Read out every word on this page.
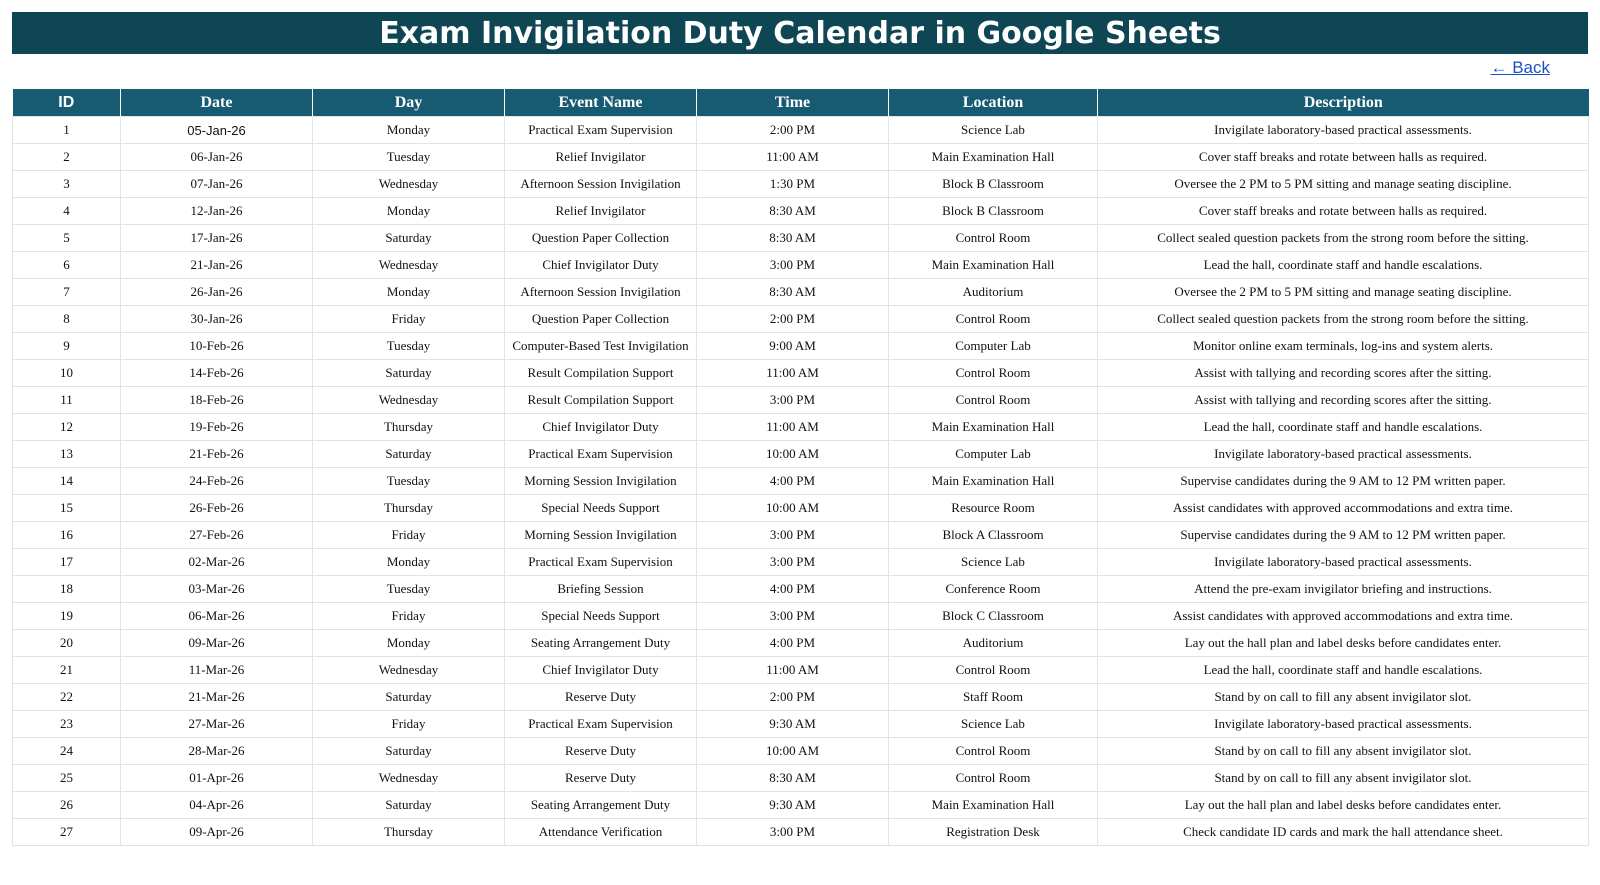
Exam Invigilation Duty Calendar in Google Sheets
← Back
ID	Date	Day	Event Name	Time	Location	Description
1	05-Jan-26	Monday	Practical Exam Supervision	2:00 PM	Science Lab	Invigilate laboratory-based practical assessments.
2	06-Jan-26	Tuesday	Relief Invigilator	11:00 AM	Main Examination Hall	Cover staff breaks and rotate between halls as required.
3	07-Jan-26	Wednesday	Afternoon Session Invigilation	1:30 PM	Block B Classroom	Oversee the 2 PM to 5 PM sitting and manage seating discipline.
4	12-Jan-26	Monday	Relief Invigilator	8:30 AM	Block B Classroom	Cover staff breaks and rotate between halls as required.
5	17-Jan-26	Saturday	Question Paper Collection	8:30 AM	Control Room	Collect sealed question packets from the strong room before the sitting.
6	21-Jan-26	Wednesday	Chief Invigilator Duty	3:00 PM	Main Examination Hall	Lead the hall, coordinate staff and handle escalations.
7	26-Jan-26	Monday	Afternoon Session Invigilation	8:30 AM	Auditorium	Oversee the 2 PM to 5 PM sitting and manage seating discipline.
8	30-Jan-26	Friday	Question Paper Collection	2:00 PM	Control Room	Collect sealed question packets from the strong room before the sitting.
9	10-Feb-26	Tuesday	Computer-Based Test Invigilation	9:00 AM	Computer Lab	Monitor online exam terminals, log-ins and system alerts.
10	14-Feb-26	Saturday	Result Compilation Support	11:00 AM	Control Room	Assist with tallying and recording scores after the sitting.
11	18-Feb-26	Wednesday	Result Compilation Support	3:00 PM	Control Room	Assist with tallying and recording scores after the sitting.
12	19-Feb-26	Thursday	Chief Invigilator Duty	11:00 AM	Main Examination Hall	Lead the hall, coordinate staff and handle escalations.
13	21-Feb-26	Saturday	Practical Exam Supervision	10:00 AM	Computer Lab	Invigilate laboratory-based practical assessments.
14	24-Feb-26	Tuesday	Morning Session Invigilation	4:00 PM	Main Examination Hall	Supervise candidates during the 9 AM to 12 PM written paper.
15	26-Feb-26	Thursday	Special Needs Support	10:00 AM	Resource Room	Assist candidates with approved accommodations and extra time.
16	27-Feb-26	Friday	Morning Session Invigilation	3:00 PM	Block A Classroom	Supervise candidates during the 9 AM to 12 PM written paper.
17	02-Mar-26	Monday	Practical Exam Supervision	3:00 PM	Science Lab	Invigilate laboratory-based practical assessments.
18	03-Mar-26	Tuesday	Briefing Session	4:00 PM	Conference Room	Attend the pre-exam invigilator briefing and instructions.
19	06-Mar-26	Friday	Special Needs Support	3:00 PM	Block C Classroom	Assist candidates with approved accommodations and extra time.
20	09-Mar-26	Monday	Seating Arrangement Duty	4:00 PM	Auditorium	Lay out the hall plan and label desks before candidates enter.
21	11-Mar-26	Wednesday	Chief Invigilator Duty	11:00 AM	Control Room	Lead the hall, coordinate staff and handle escalations.
22	21-Mar-26	Saturday	Reserve Duty	2:00 PM	Staff Room	Stand by on call to fill any absent invigilator slot.
23	27-Mar-26	Friday	Practical Exam Supervision	9:30 AM	Science Lab	Invigilate laboratory-based practical assessments.
24	28-Mar-26	Saturday	Reserve Duty	10:00 AM	Control Room	Stand by on call to fill any absent invigilator slot.
25	01-Apr-26	Wednesday	Reserve Duty	8:30 AM	Control Room	Stand by on call to fill any absent invigilator slot.
26	04-Apr-26	Saturday	Seating Arrangement Duty	9:30 AM	Main Examination Hall	Lay out the hall plan and label desks before candidates enter.
27	09-Apr-26	Thursday	Attendance Verification	3:00 PM	Registration Desk	Check candidate ID cards and mark the hall attendance sheet.
